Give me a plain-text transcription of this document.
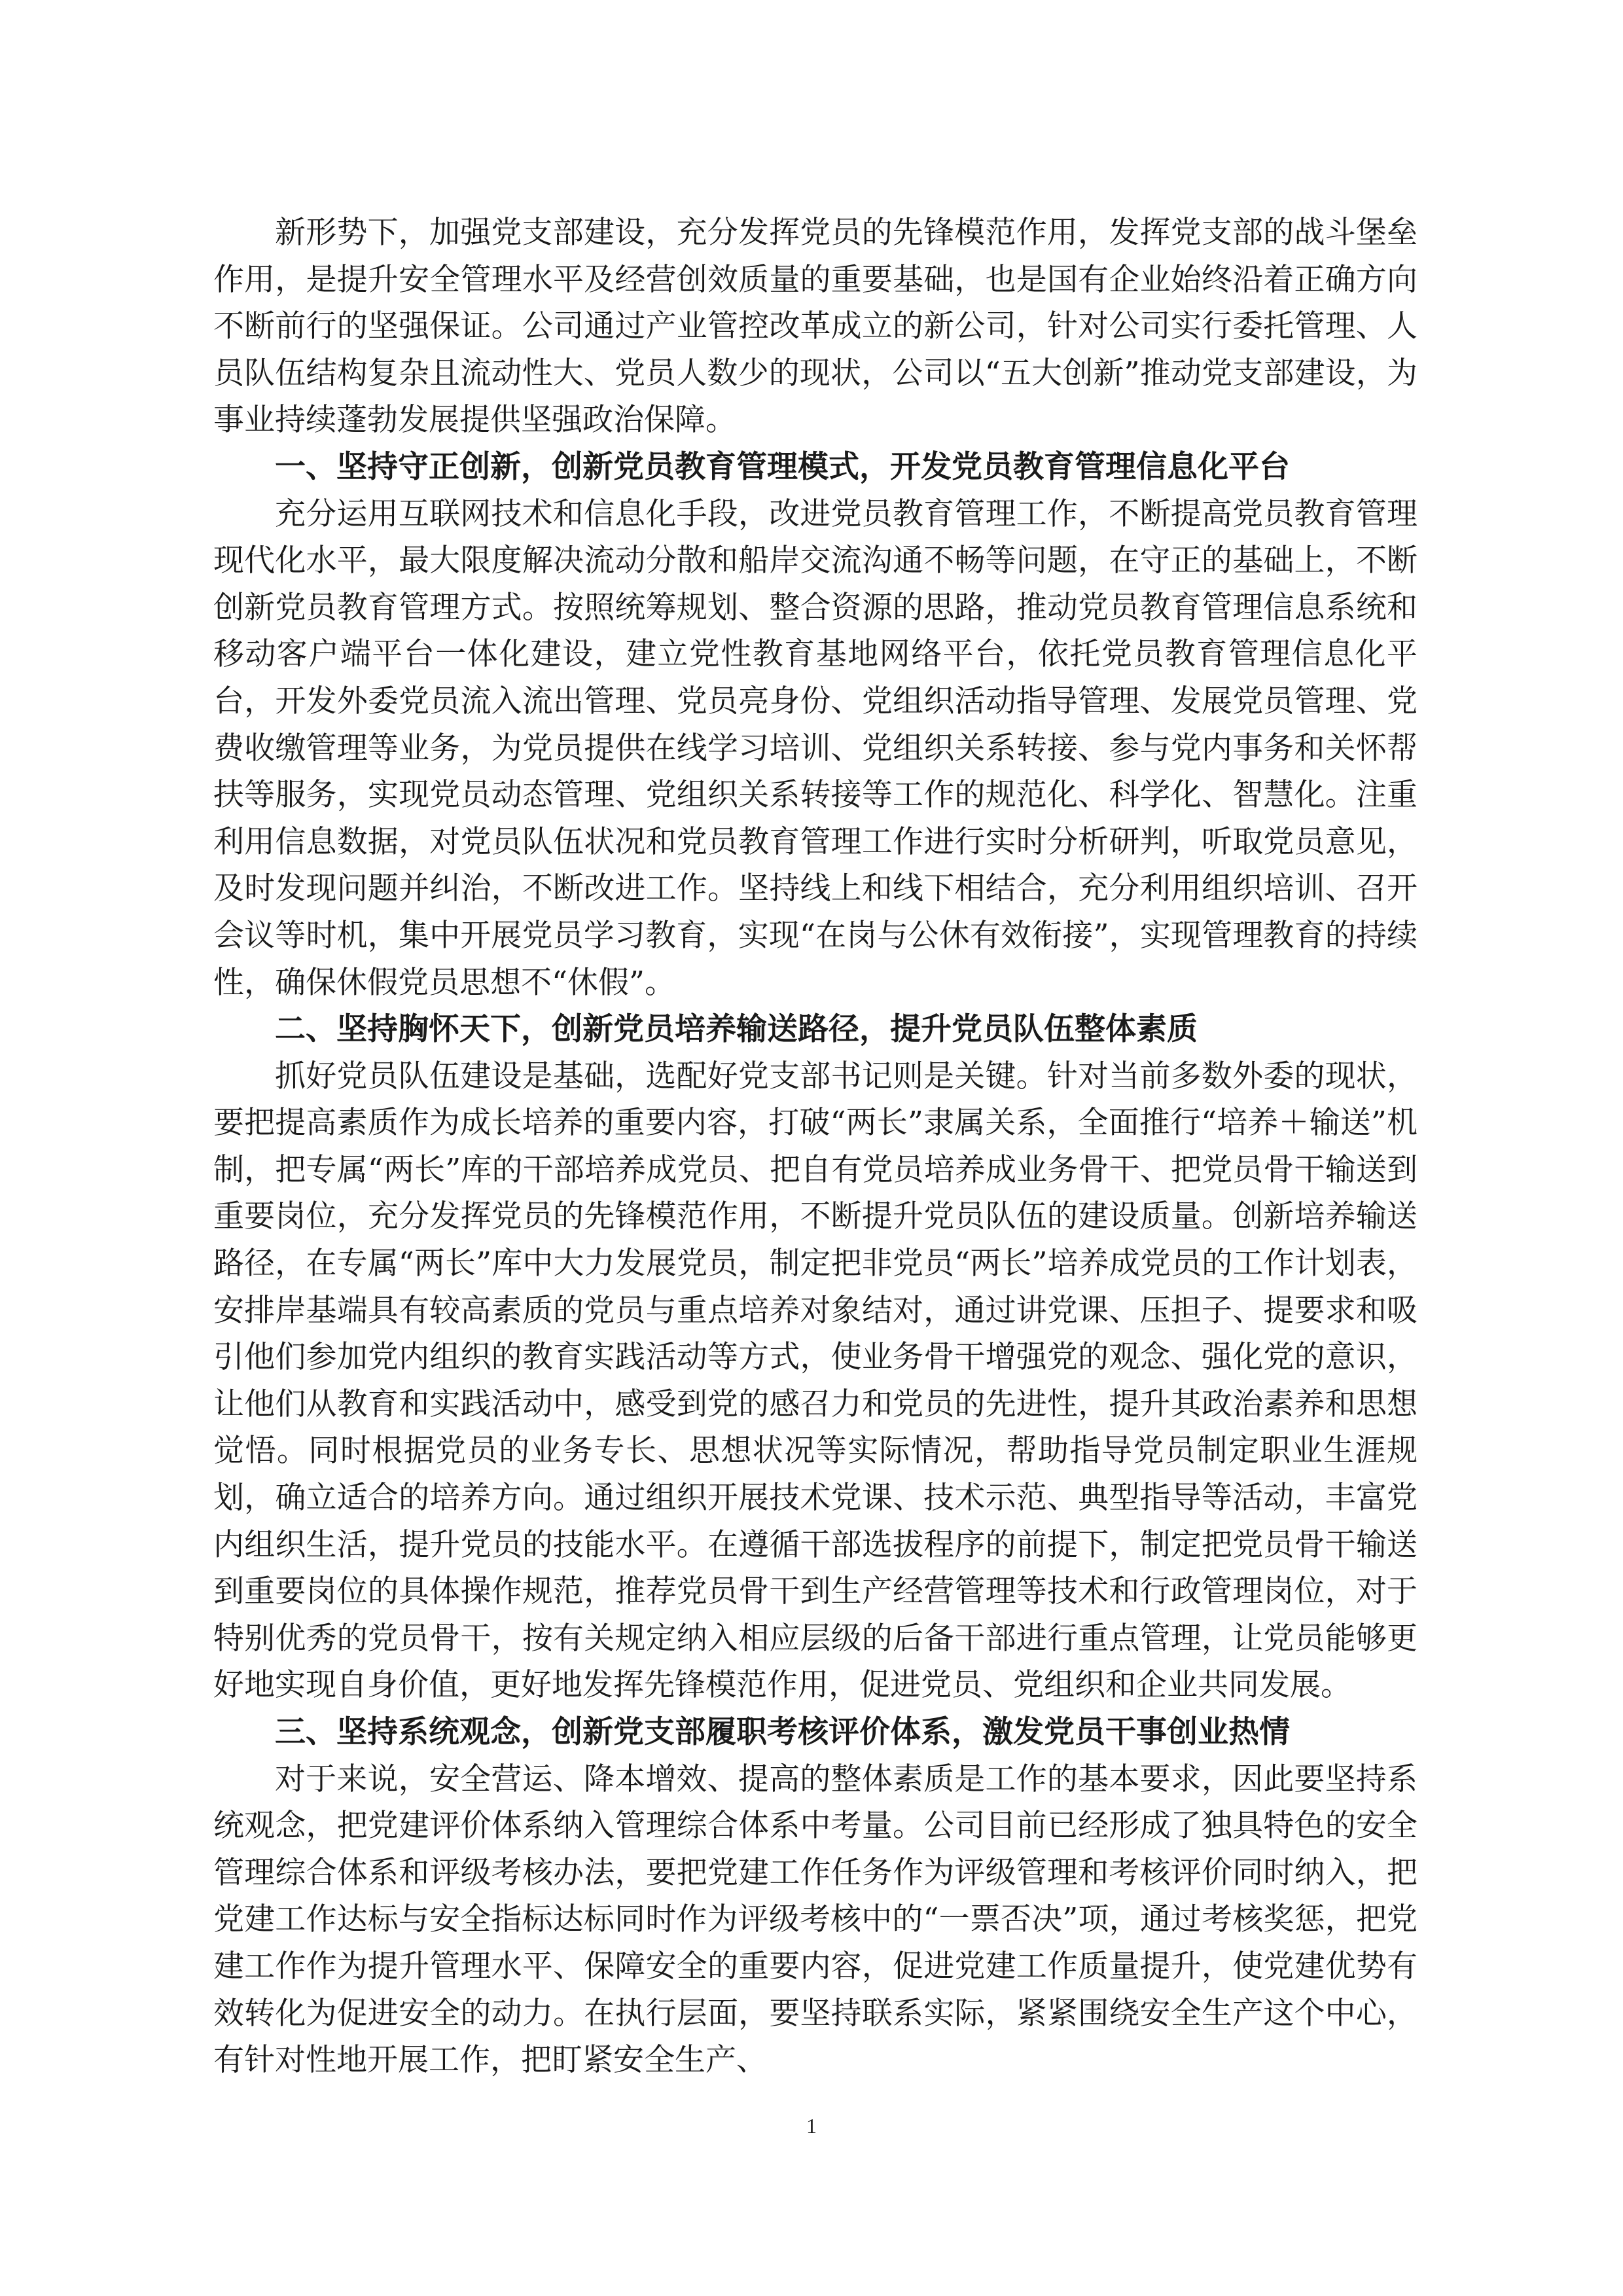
新形势下，加强党支部建设，充分发挥党员的先锋模范作用，发挥党支部的战斗堡垒作用，是提升安全管理水平及经营创效质量的重要基础，也是国有企业始终沿着正确方向不断前行的坚强保证。公司通过产业管控改革成立的新公司，针对公司实行委托管理、人员队伍结构复杂且流动性大、党员人数少的现状，公司以“五大创新”推动党支部建设，为事业持续蓬勃发展提供坚强政治保障。

一、坚持守正创新，创新党员教育管理模式，开发党员教育管理信息化平台

充分运用互联网技术和信息化手段，改进党员教育管理工作，不断提高党员教育管理现代化水平，最大限度解决流动分散和船岸交流沟通不畅等问题，在守正的基础上，不断创新党员教育管理方式。按照统筹规划、整合资源的思路，推动党员教育管理信息系统和移动客户端平台一体化建设，建立党性教育基地网络平台，依托党员教育管理信息化平台，开发外委党员流入流出管理、党员亮身份、党组织活动指导管理、发展党员管理、党费收缴管理等业务，为党员提供在线学习培训、党组织关系转接、参与党内事务和关怀帮扶等服务，实现党员动态管理、党组织关系转接等工作的规范化、科学化、智慧化。注重利用信息数据，对党员队伍状况和党员教育管理工作进行实时分析研判，听取党员意见，及时发现问题并纠治，不断改进工作。坚持线上和线下相结合，充分利用组织培训、召开会议等时机，集中开展党员学习教育，实现“在岗与公休有效衔接”，实现管理教育的持续性，确保休假党员思想不“休假”。

二、坚持胸怀天下，创新党员培养输送路径，提升党员队伍整体素质

抓好党员队伍建设是基础，选配好党支部书记则是关键。针对当前多数外委的现状，要把提高素质作为成长培养的重要内容，打破“两长”隶属关系，全面推行“培养＋输送”机制，把专属“两长”库的干部培养成党员、把自有党员培养成业务骨干、把党员骨干输送到重要岗位，充分发挥党员的先锋模范作用，不断提升党员队伍的建设质量。创新培养输送路径，在专属“两长”库中大力发展党员，制定把非党员“两长”培养成党员的工作计划表，安排岸基端具有较高素质的党员与重点培养对象结对，通过讲党课、压担子、提要求和吸引他们参加党内组织的教育实践活动等方式，使业务骨干增强党的观念、强化党的意识，让他们从教育和实践活动中，感受到党的感召力和党员的先进性，提升其政治素养和思想觉悟。同时根据党员的业务专长、思想状况等实际情况，帮助指导党员制定职业生涯规划，确立适合的培养方向。通过组织开展技术党课、技术示范、典型指导等活动，丰富党内组织生活，提升党员的技能水平。在遵循干部选拔程序的前提下，制定把党员骨干输送到重要岗位的具体操作规范，推荐党员骨干到生产经营管理等技术和行政管理岗位，对于特别优秀的党员骨干，按有关规定纳入相应层级的后备干部进行重点管理，让党员能够更好地实现自身价值，更好地发挥先锋模范作用，促进党员、党组织和企业共同发展。

三、坚持系统观念，创新党支部履职考核评价体系，激发党员干事创业热情

对于来说，安全营运、降本增效、提高的整体素质是工作的基本要求，因此要坚持系统观念，把党建评价体系纳入管理综合体系中考量。公司目前已经形成了独具特色的安全管理综合体系和评级考核办法，要把党建工作任务作为评级管理和考核评价同时纳入，把党建工作达标与安全指标达标同时作为评级考核中的“一票否决”项，通过考核奖惩，把党建工作作为提升管理水平、保障安全的重要内容，促进党建工作质量提升，使党建优势有效转化为促进安全的动力。在执行层面，要坚持联系实际，紧紧围绕安全生产这个中心，有针对性地开展工作，把盯紧安全生产、

1
